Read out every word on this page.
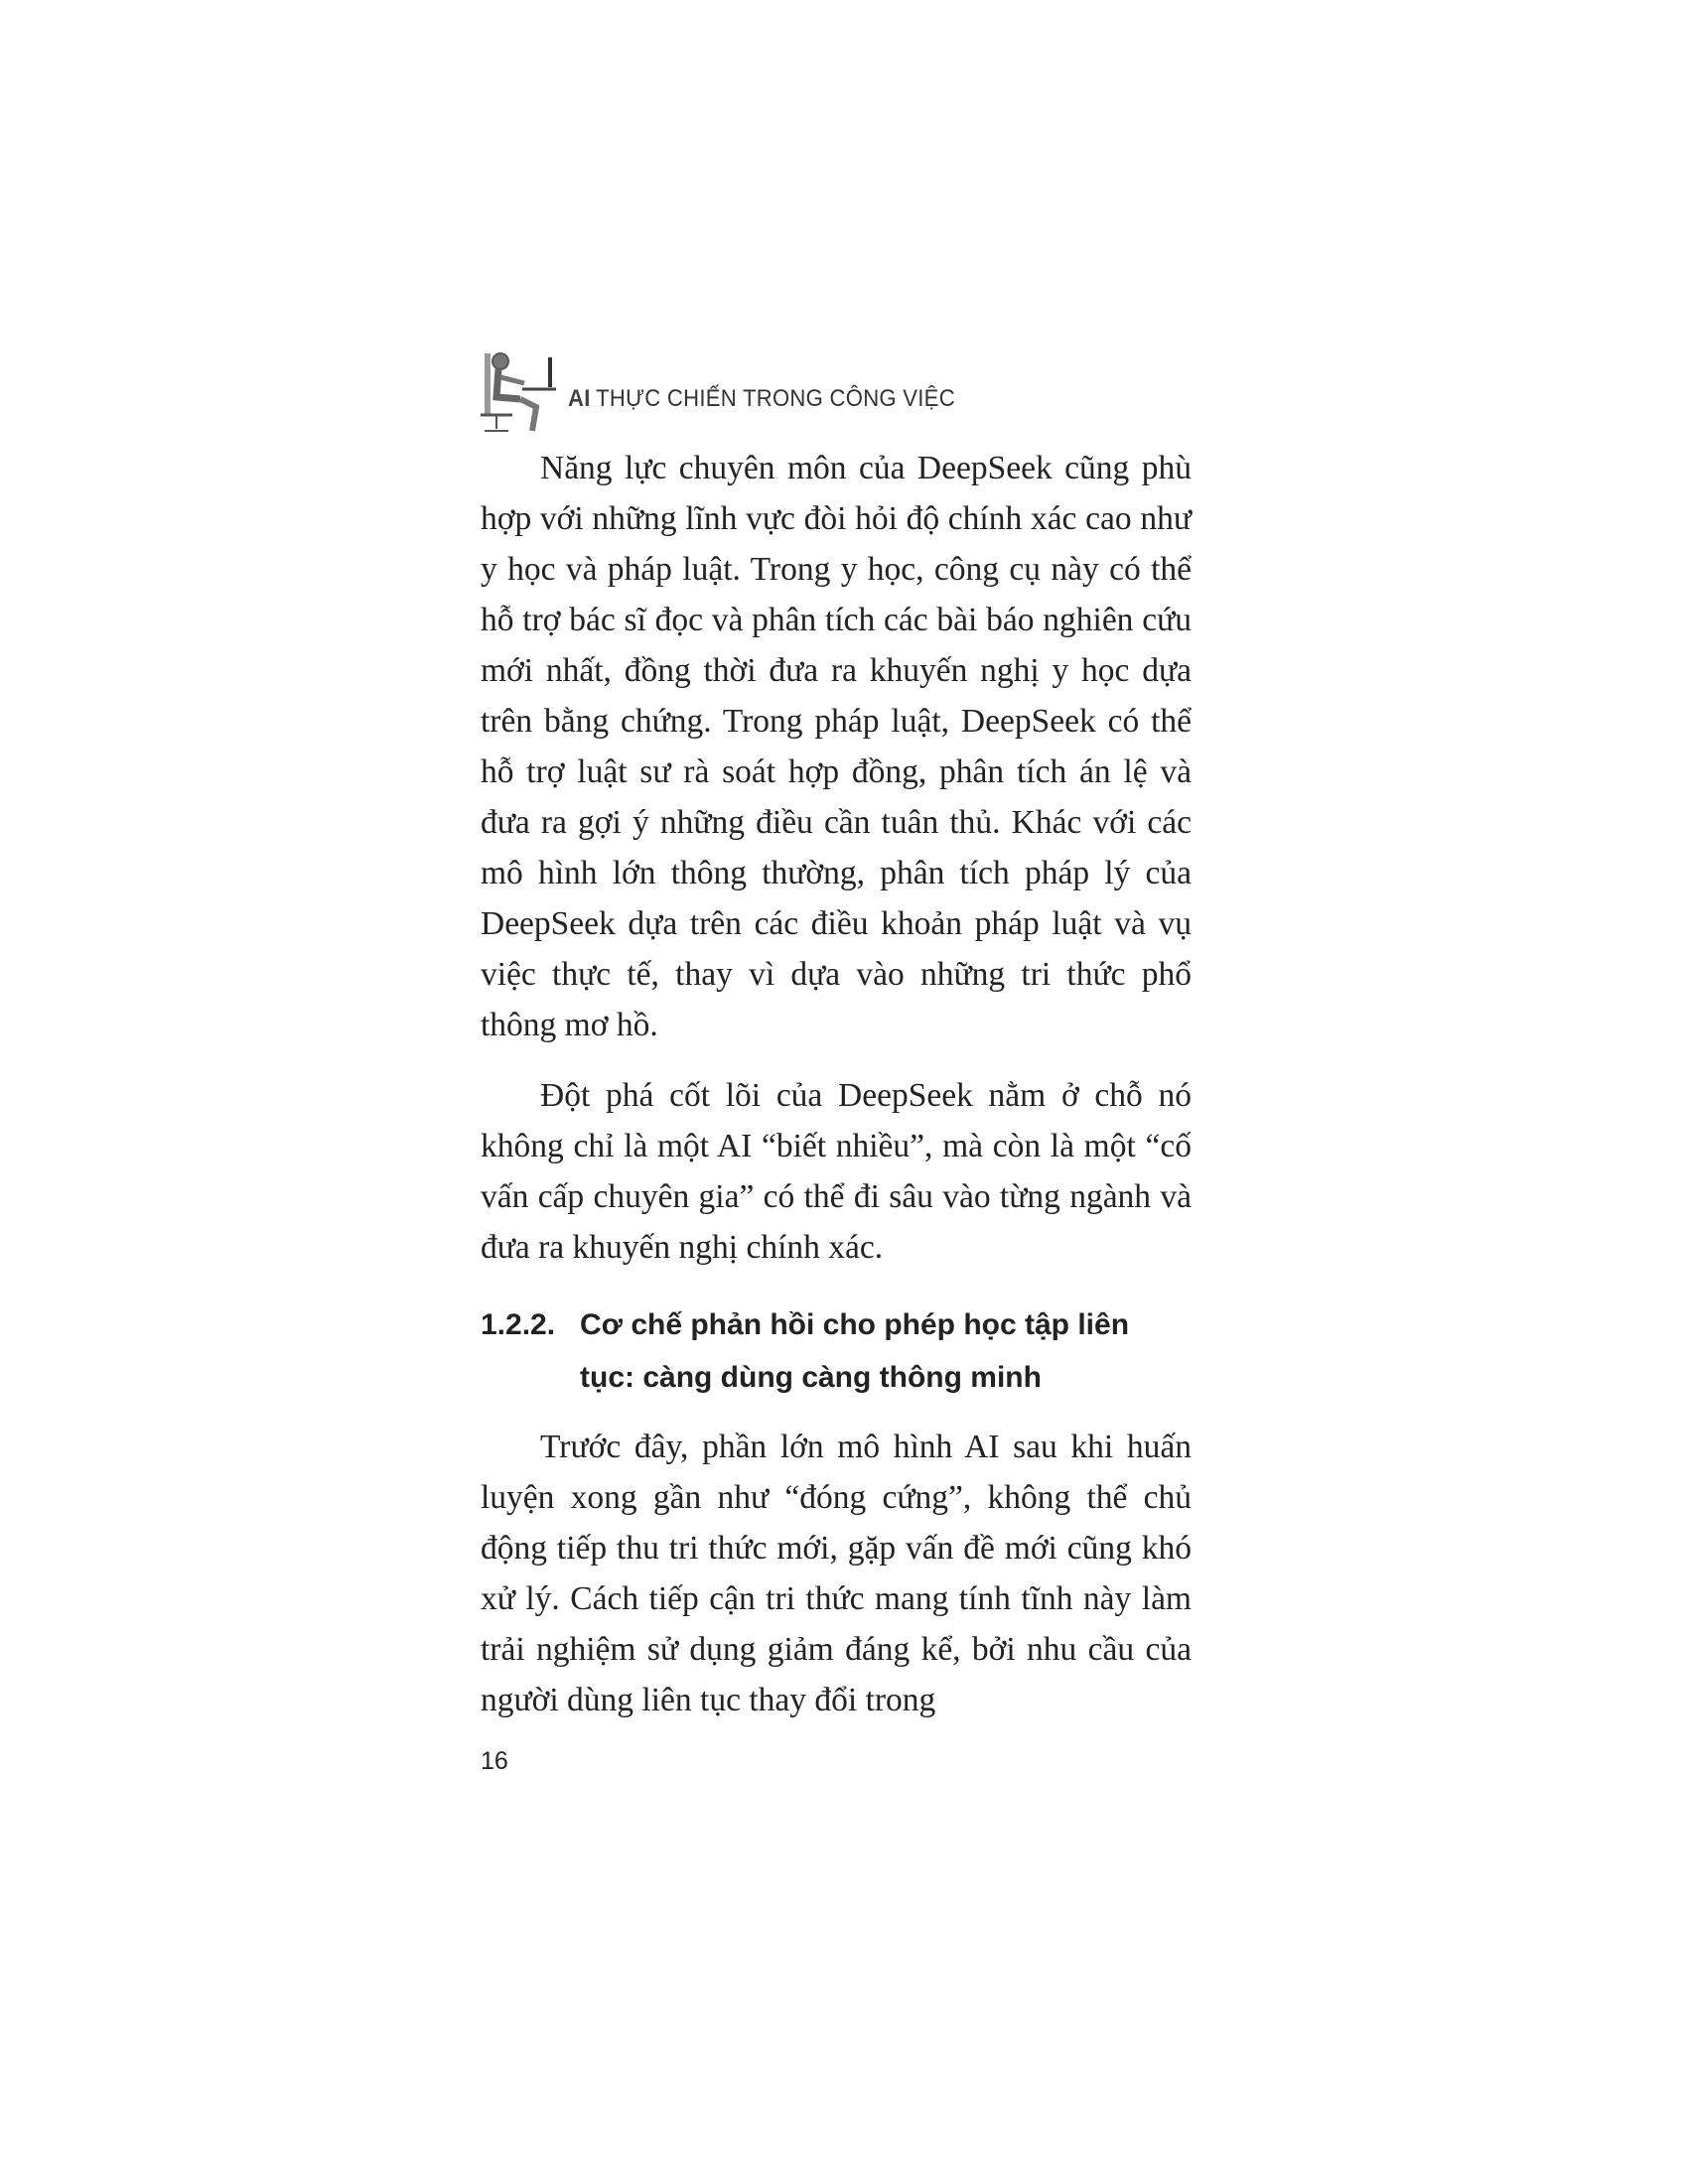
AI THỰC CHIẾN TRONG CÔNG VIỆC

Năng lực chuyên môn của DeepSeek cũng phù hợp với những lĩnh vực đòi hỏi độ chính xác cao như y học và pháp luật. Trong y học, công cụ này có thể hỗ trợ bác sĩ đọc và phân tích các bài báo nghiên cứu mới nhất, đồng thời đưa ra khuyến nghị y học dựa trên bằng chứng. Trong pháp luật, DeepSeek có thể hỗ trợ luật sư rà soát hợp đồng, phân tích án lệ và đưa ra gợi ý những điều cần tuân thủ. Khác với các mô hình lớn thông thường, phân tích pháp lý của DeepSeek dựa trên các điều khoản pháp luật và vụ việc thực tế, thay vì dựa vào những tri thức phổ thông mơ hồ.

Đột phá cốt lõi của DeepSeek nằm ở chỗ nó không chỉ là một AI “biết nhiều”, mà còn là một “cố vấn cấp chuyên gia” có thể đi sâu vào từng ngành và đưa ra khuyến nghị chính xác.

1.2.2. Cơ chế phản hồi cho phép học tập liên tục: càng dùng càng thông minh

Trước đây, phần lớn mô hình AI sau khi huấn luyện xong gần như “đóng cứng”, không thể chủ động tiếp thu tri thức mới, gặp vấn đề mới cũng khó xử lý. Cách tiếp cận tri thức mang tính tĩnh này làm trải nghiệm sử dụng giảm đáng kể, bởi nhu cầu của người dùng liên tục thay đổi trong

16
